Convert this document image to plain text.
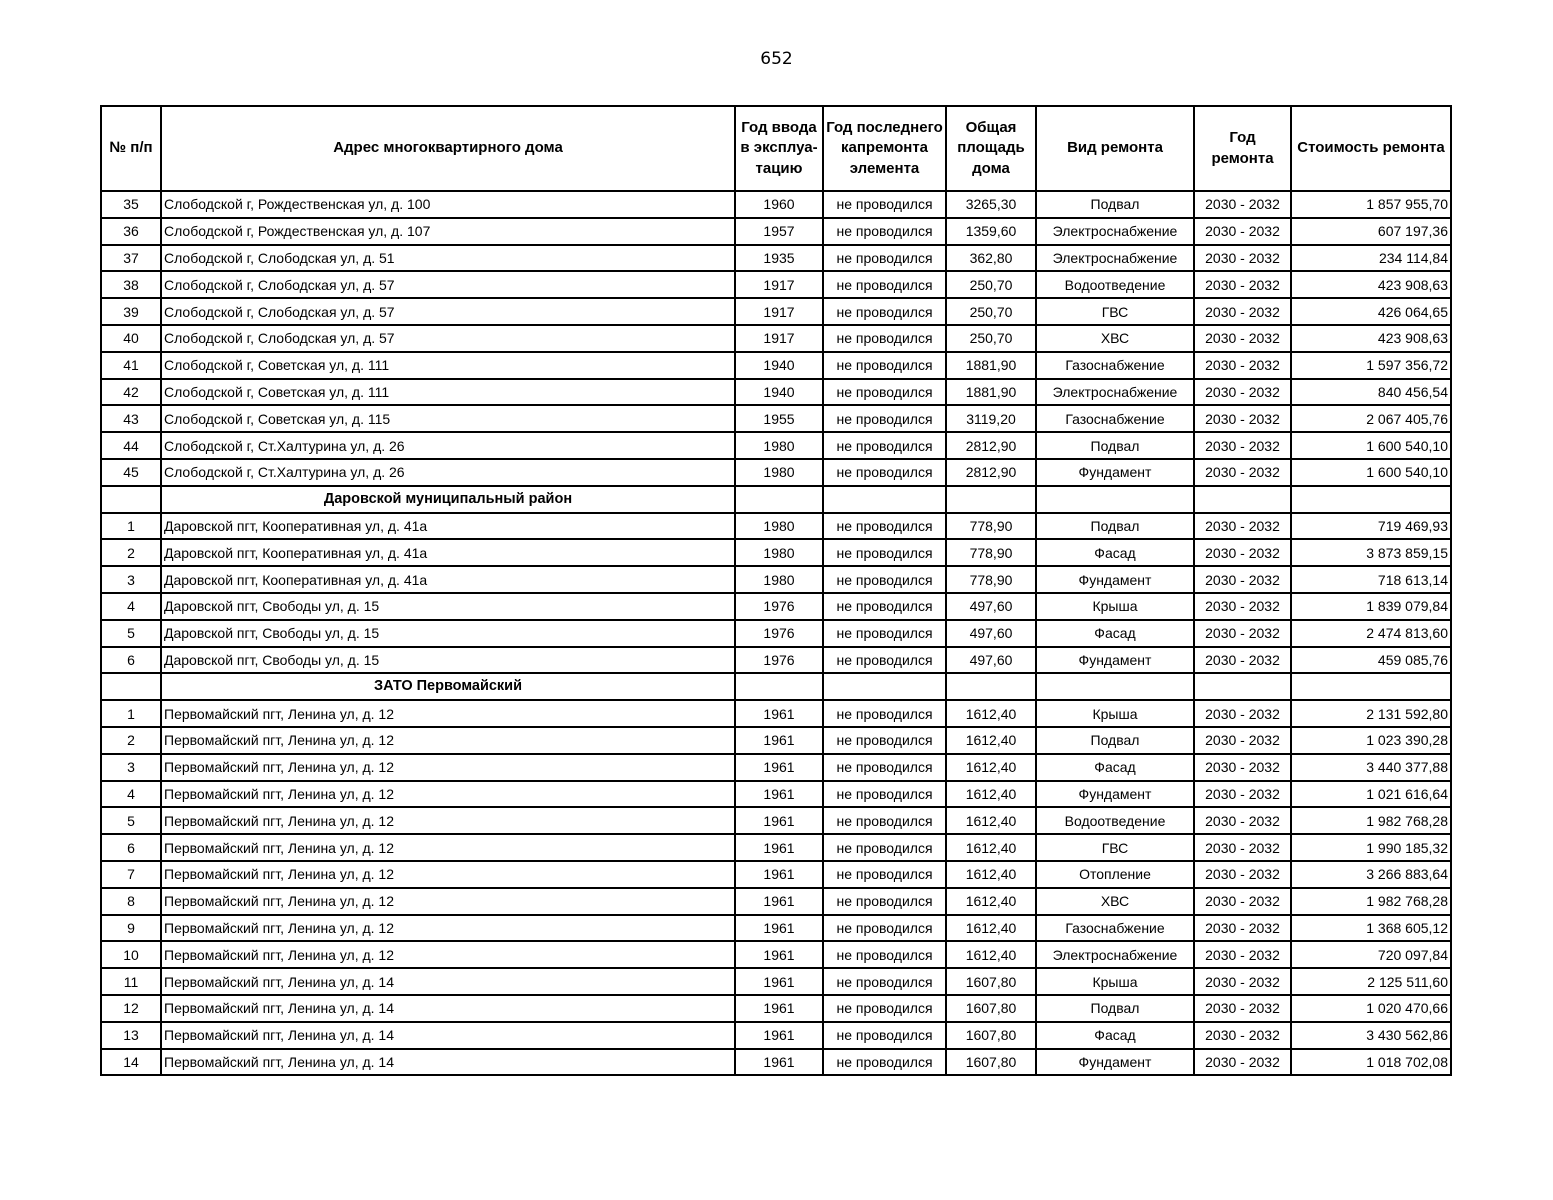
652
№ п/п	Адрес многоквартирного дома	Год ввода в эксплуа-тацию	Год последнего капремонта элемента	Общая площадь дома	Вид ремонта	Год ремонта	Стоимость ремонта
35	Слободской г, Рождественская ул, д. 100	1960	не проводился	3265,30	Подвал	2030 - 2032	1 857 955,70
36	Слободской г, Рождественская ул, д. 107	1957	не проводился	1359,60	Электроснабжение	2030 - 2032	607 197,36
37	Слободской г, Слободская ул, д. 51	1935	не проводился	362,80	Электроснабжение	2030 - 2032	234 114,84
38	Слободской г, Слободская ул, д. 57	1917	не проводился	250,70	Водоотведение	2030 - 2032	423 908,63
39	Слободской г, Слободская ул, д. 57	1917	не проводился	250,70	ГВС	2030 - 2032	426 064,65
40	Слободской г, Слободская ул, д. 57	1917	не проводился	250,70	ХВС	2030 - 2032	423 908,63
41	Слободской г, Советская ул, д. 111	1940	не проводился	1881,90	Газоснабжение	2030 - 2032	1 597 356,72
42	Слободской г, Советская ул, д. 111	1940	не проводился	1881,90	Электроснабжение	2030 - 2032	840 456,54
43	Слободской г, Советская ул, д. 115	1955	не проводился	3119,20	Газоснабжение	2030 - 2032	2 067 405,76
44	Слободской г, Ст.Халтурина ул, д. 26	1980	не проводился	2812,90	Подвал	2030 - 2032	1 600 540,10
45	Слободской г, Ст.Халтурина ул, д. 26	1980	не проводился	2812,90	Фундамент	2030 - 2032	1 600 540,10
	Даровской муниципальный район						
1	Даровской пгт, Кооперативная ул, д. 41а	1980	не проводился	778,90	Подвал	2030 - 2032	719 469,93
2	Даровской пгт, Кооперативная ул, д. 41а	1980	не проводился	778,90	Фасад	2030 - 2032	3 873 859,15
3	Даровской пгт, Кооперативная ул, д. 41а	1980	не проводился	778,90	Фундамент	2030 - 2032	718 613,14
4	Даровской пгт, Свободы ул, д. 15	1976	не проводился	497,60	Крыша	2030 - 2032	1 839 079,84
5	Даровской пгт, Свободы ул, д. 15	1976	не проводился	497,60	Фасад	2030 - 2032	2 474 813,60
6	Даровской пгт, Свободы ул, д. 15	1976	не проводился	497,60	Фундамент	2030 - 2032	459 085,76
	ЗАТО Первомайский						
1	Первомайский пгт, Ленина ул, д. 12	1961	не проводился	1612,40	Крыша	2030 - 2032	2 131 592,80
2	Первомайский пгт, Ленина ул, д. 12	1961	не проводился	1612,40	Подвал	2030 - 2032	1 023 390,28
3	Первомайский пгт, Ленина ул, д. 12	1961	не проводился	1612,40	Фасад	2030 - 2032	3 440 377,88
4	Первомайский пгт, Ленина ул, д. 12	1961	не проводился	1612,40	Фундамент	2030 - 2032	1 021 616,64
5	Первомайский пгт, Ленина ул, д. 12	1961	не проводился	1612,40	Водоотведение	2030 - 2032	1 982 768,28
6	Первомайский пгт, Ленина ул, д. 12	1961	не проводился	1612,40	ГВС	2030 - 2032	1 990 185,32
7	Первомайский пгт, Ленина ул, д. 12	1961	не проводился	1612,40	Отопление	2030 - 2032	3 266 883,64
8	Первомайский пгт, Ленина ул, д. 12	1961	не проводился	1612,40	ХВС	2030 - 2032	1 982 768,28
9	Первомайский пгт, Ленина ул, д. 12	1961	не проводился	1612,40	Газоснабжение	2030 - 2032	1 368 605,12
10	Первомайский пгт, Ленина ул, д. 12	1961	не проводился	1612,40	Электроснабжение	2030 - 2032	720 097,84
11	Первомайский пгт, Ленина ул, д. 14	1961	не проводился	1607,80	Крыша	2030 - 2032	2 125 511,60
12	Первомайский пгт, Ленина ул, д. 14	1961	не проводился	1607,80	Подвал	2030 - 2032	1 020 470,66
13	Первомайский пгт, Ленина ул, д. 14	1961	не проводился	1607,80	Фасад	2030 - 2032	3 430 562,86
14	Первомайский пгт, Ленина ул, д. 14	1961	не проводился	1607,80	Фундамент	2030 - 2032	1 018 702,08
